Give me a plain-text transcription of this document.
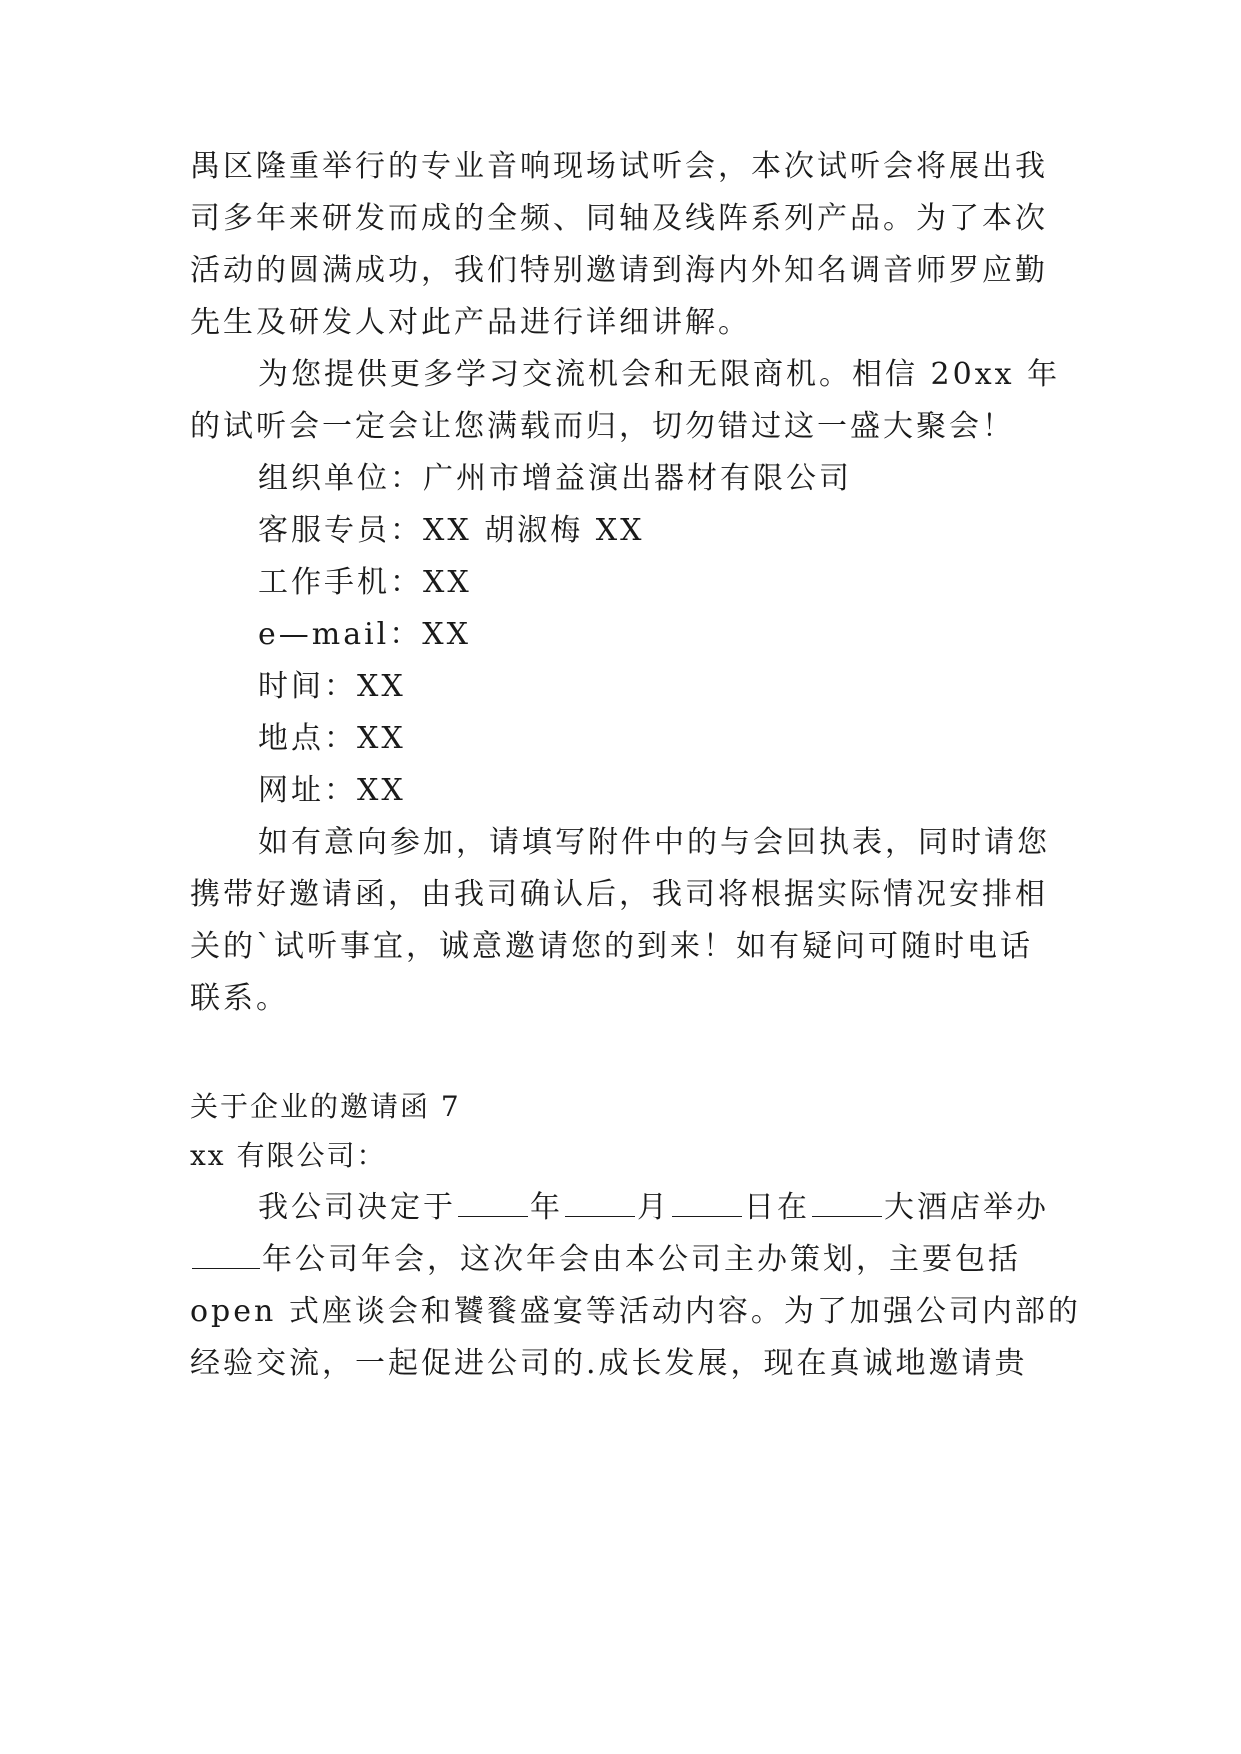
禺区隆重举行的专业音响现场试听会，本次试听会将展出我
司多年来研发而成的全频、同轴及线阵系列产品。为了本次
活动的圆满成功，我们特别邀请到海内外知名调音师罗应勤
先生及研发人对此产品进行详细讲解。
为您提供更多学习交流机会和无限商机。相信 20xx 年
的试听会一定会让您满载而归，切勿错过这一盛大聚会！
组织单位：广州市增益演出器材有限公司
客服专员：XX 胡淑梅 XX
工作手机：XX
e—mail：XX
时间：XX
地点：XX
网址：XX
如有意向参加，请填写附件中的与会回执表，同时请您
携带好邀请函，由我司确认后，我司将根据实际情况安排相
关的`试听事宜，诚意邀请您的到来！如有疑问可随时电话
联系。
关于企业的邀请函 7
xx 有限公司：
我公司决定于 年 月 日在 大酒店举办
年公司年会，这次年会由本公司主办策划，主要包括
open 式座谈会和饕餮盛宴等活动内容。为了加强公司内部的
经验交流，一起促进公司的.成长发展，现在真诚地邀请贵
